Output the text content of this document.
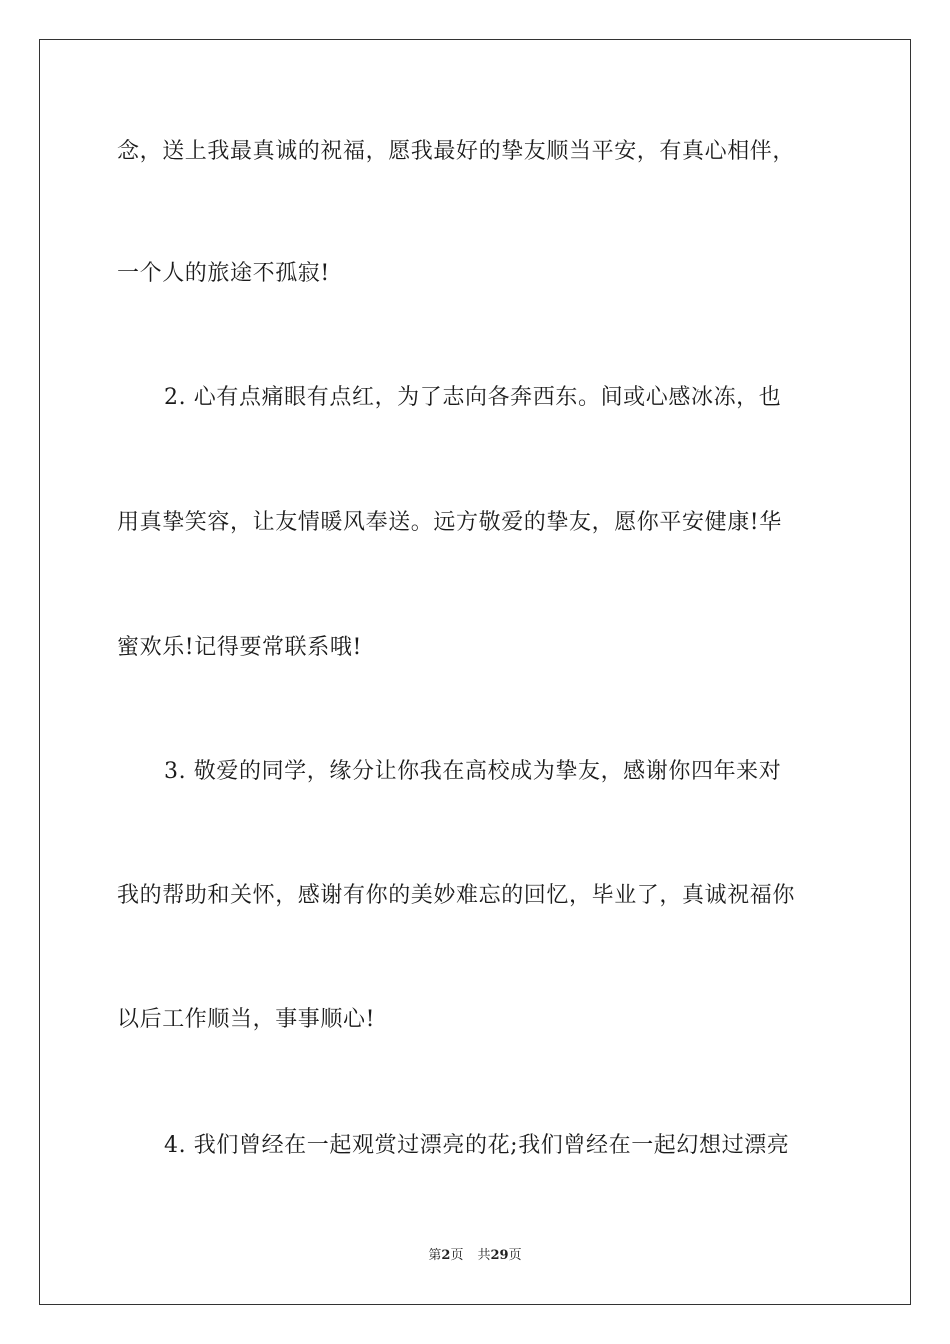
念，送上我最真诚的祝福，愿我最好的挚友顺当平安，有真心相伴，
一个人的旅途不孤寂!
2. 心有点痛眼有点红，为了志向各奔西东。间或心感冰冻，也
用真挚笑容，让友情暖风奉送。远方敬爱的挚友，愿你平安健康!华
蜜欢乐!记得要常联系哦!
3. 敬爱的同学，缘分让你我在高校成为挚友，感谢你四年来对
我的帮助和关怀，感谢有你的美妙难忘的回忆，毕业了，真诚祝福你
以后工作顺当，事事顺心!
4. 我们曾经在一起观赏过漂亮的花;我们曾经在一起幻想过漂亮
第2页 共29页
